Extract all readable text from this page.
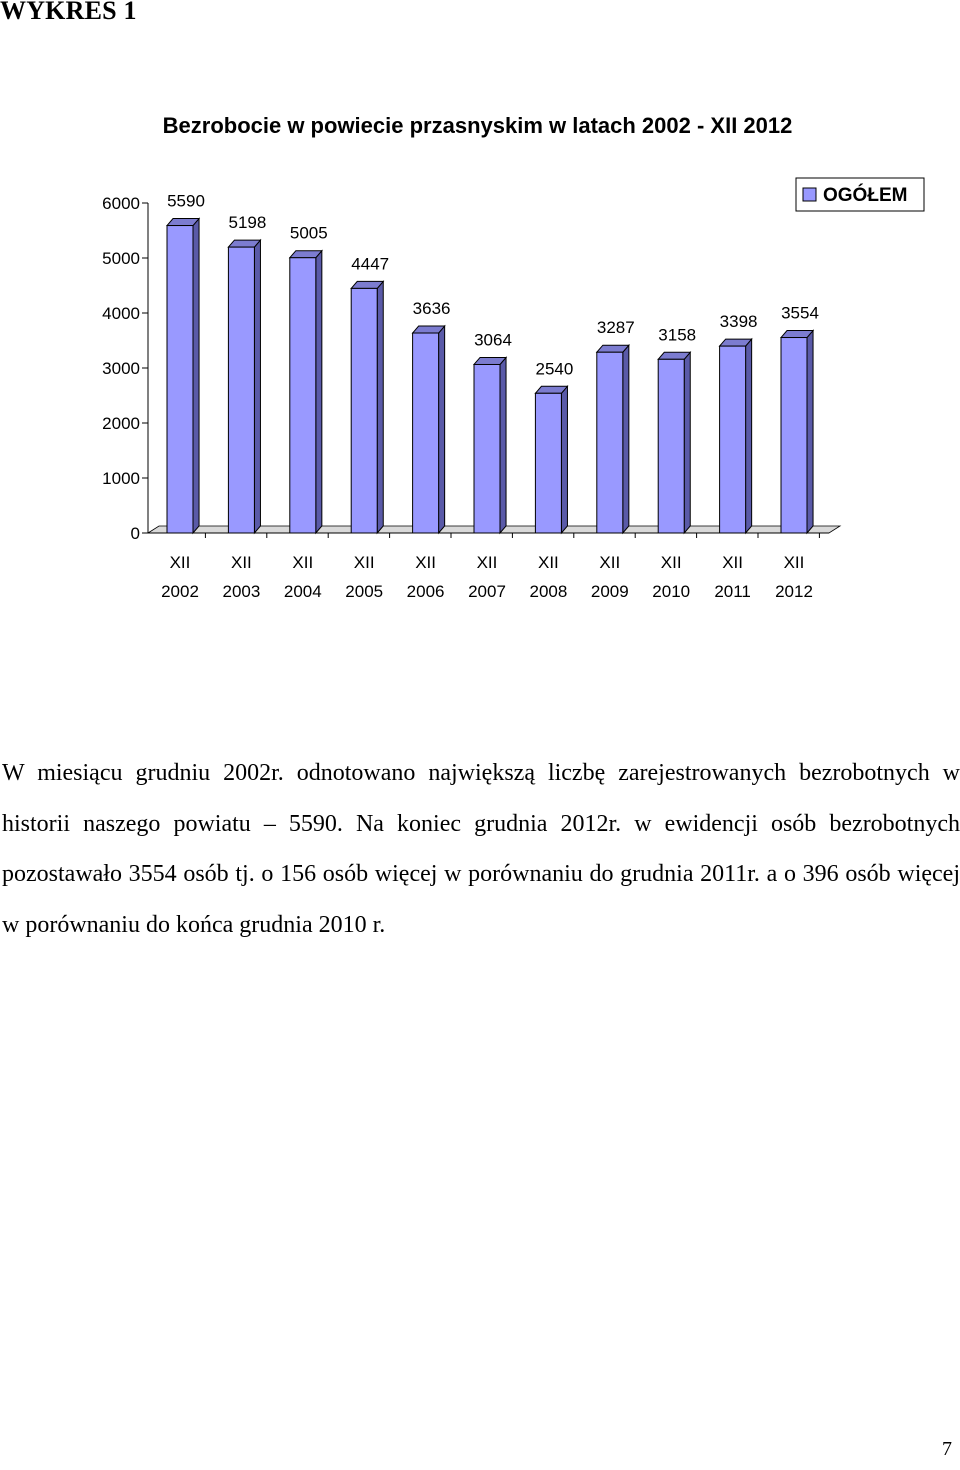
WYKRES 1
Bezrobocie w powiecie przasnyskim w latach 2002 - XII 2012
0
1000
2000
3000
4000
5000
6000 5590
XII
2002
5198
XII
2003
5005
XII
2004
4447
XII
2005
3636
XII
2006
3064
XII
2007
2540
XII
2008
3287
XII
2009
3158
XII
2010
3398
XII
2011
3554
XII
2012
OGÓŁEM

W miesiącu grudniu 2002r. odnotowano największą liczbę zarejestrowanych bezrobotnych w historii naszego powiatu – 5590. Na koniec grudnia 2012r. w ewidencji osób bezrobotnych pozostawało 3554 osób tj. o 156 osób więcej w porównaniu do grudnia 2011r. a o 396 osób więcej w porównaniu do końca grudnia 2010 r.

7
